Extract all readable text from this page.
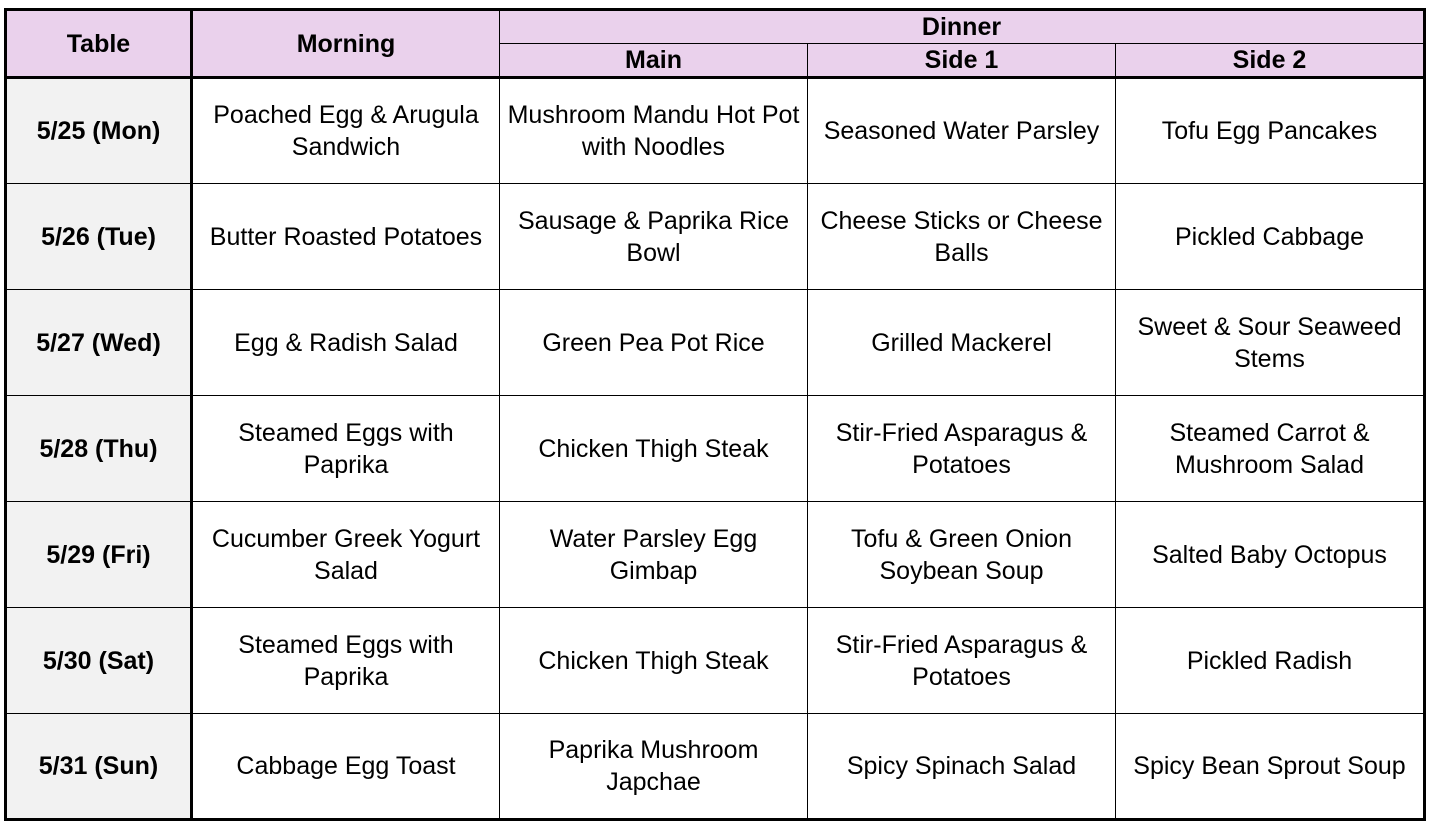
Table	Morning	Dinner		
		Main	Side 1	Side 2
5/25 (Mon)	Poached Egg & Arugula Sandwich	Mushroom Mandu Hot Pot with Noodles	Seasoned Water Parsley	Tofu Egg Pancakes
5/26 (Tue)	Butter Roasted Potatoes	Sausage & Paprika Rice Bowl	Cheese Sticks or Cheese Balls	Pickled Cabbage
5/27 (Wed)	Egg & Radish Salad	Green Pea Pot Rice	Grilled Mackerel	Sweet & Sour Seaweed Stems
5/28 (Thu)	Steamed Eggs with Paprika	Chicken Thigh Steak	Stir-Fried Asparagus & Potatoes	Steamed Carrot & Mushroom Salad
5/29 (Fri)	Cucumber Greek Yogurt Salad	Water Parsley Egg Gimbap	Tofu & Green Onion Soybean Soup	Salted Baby Octopus
5/30 (Sat)	Steamed Eggs with Paprika	Chicken Thigh Steak	Stir-Fried Asparagus & Potatoes	Pickled Radish
5/31 (Sun)	Cabbage Egg Toast	Paprika Mushroom Japchae	Spicy Spinach Salad	Spicy Bean Sprout Soup
